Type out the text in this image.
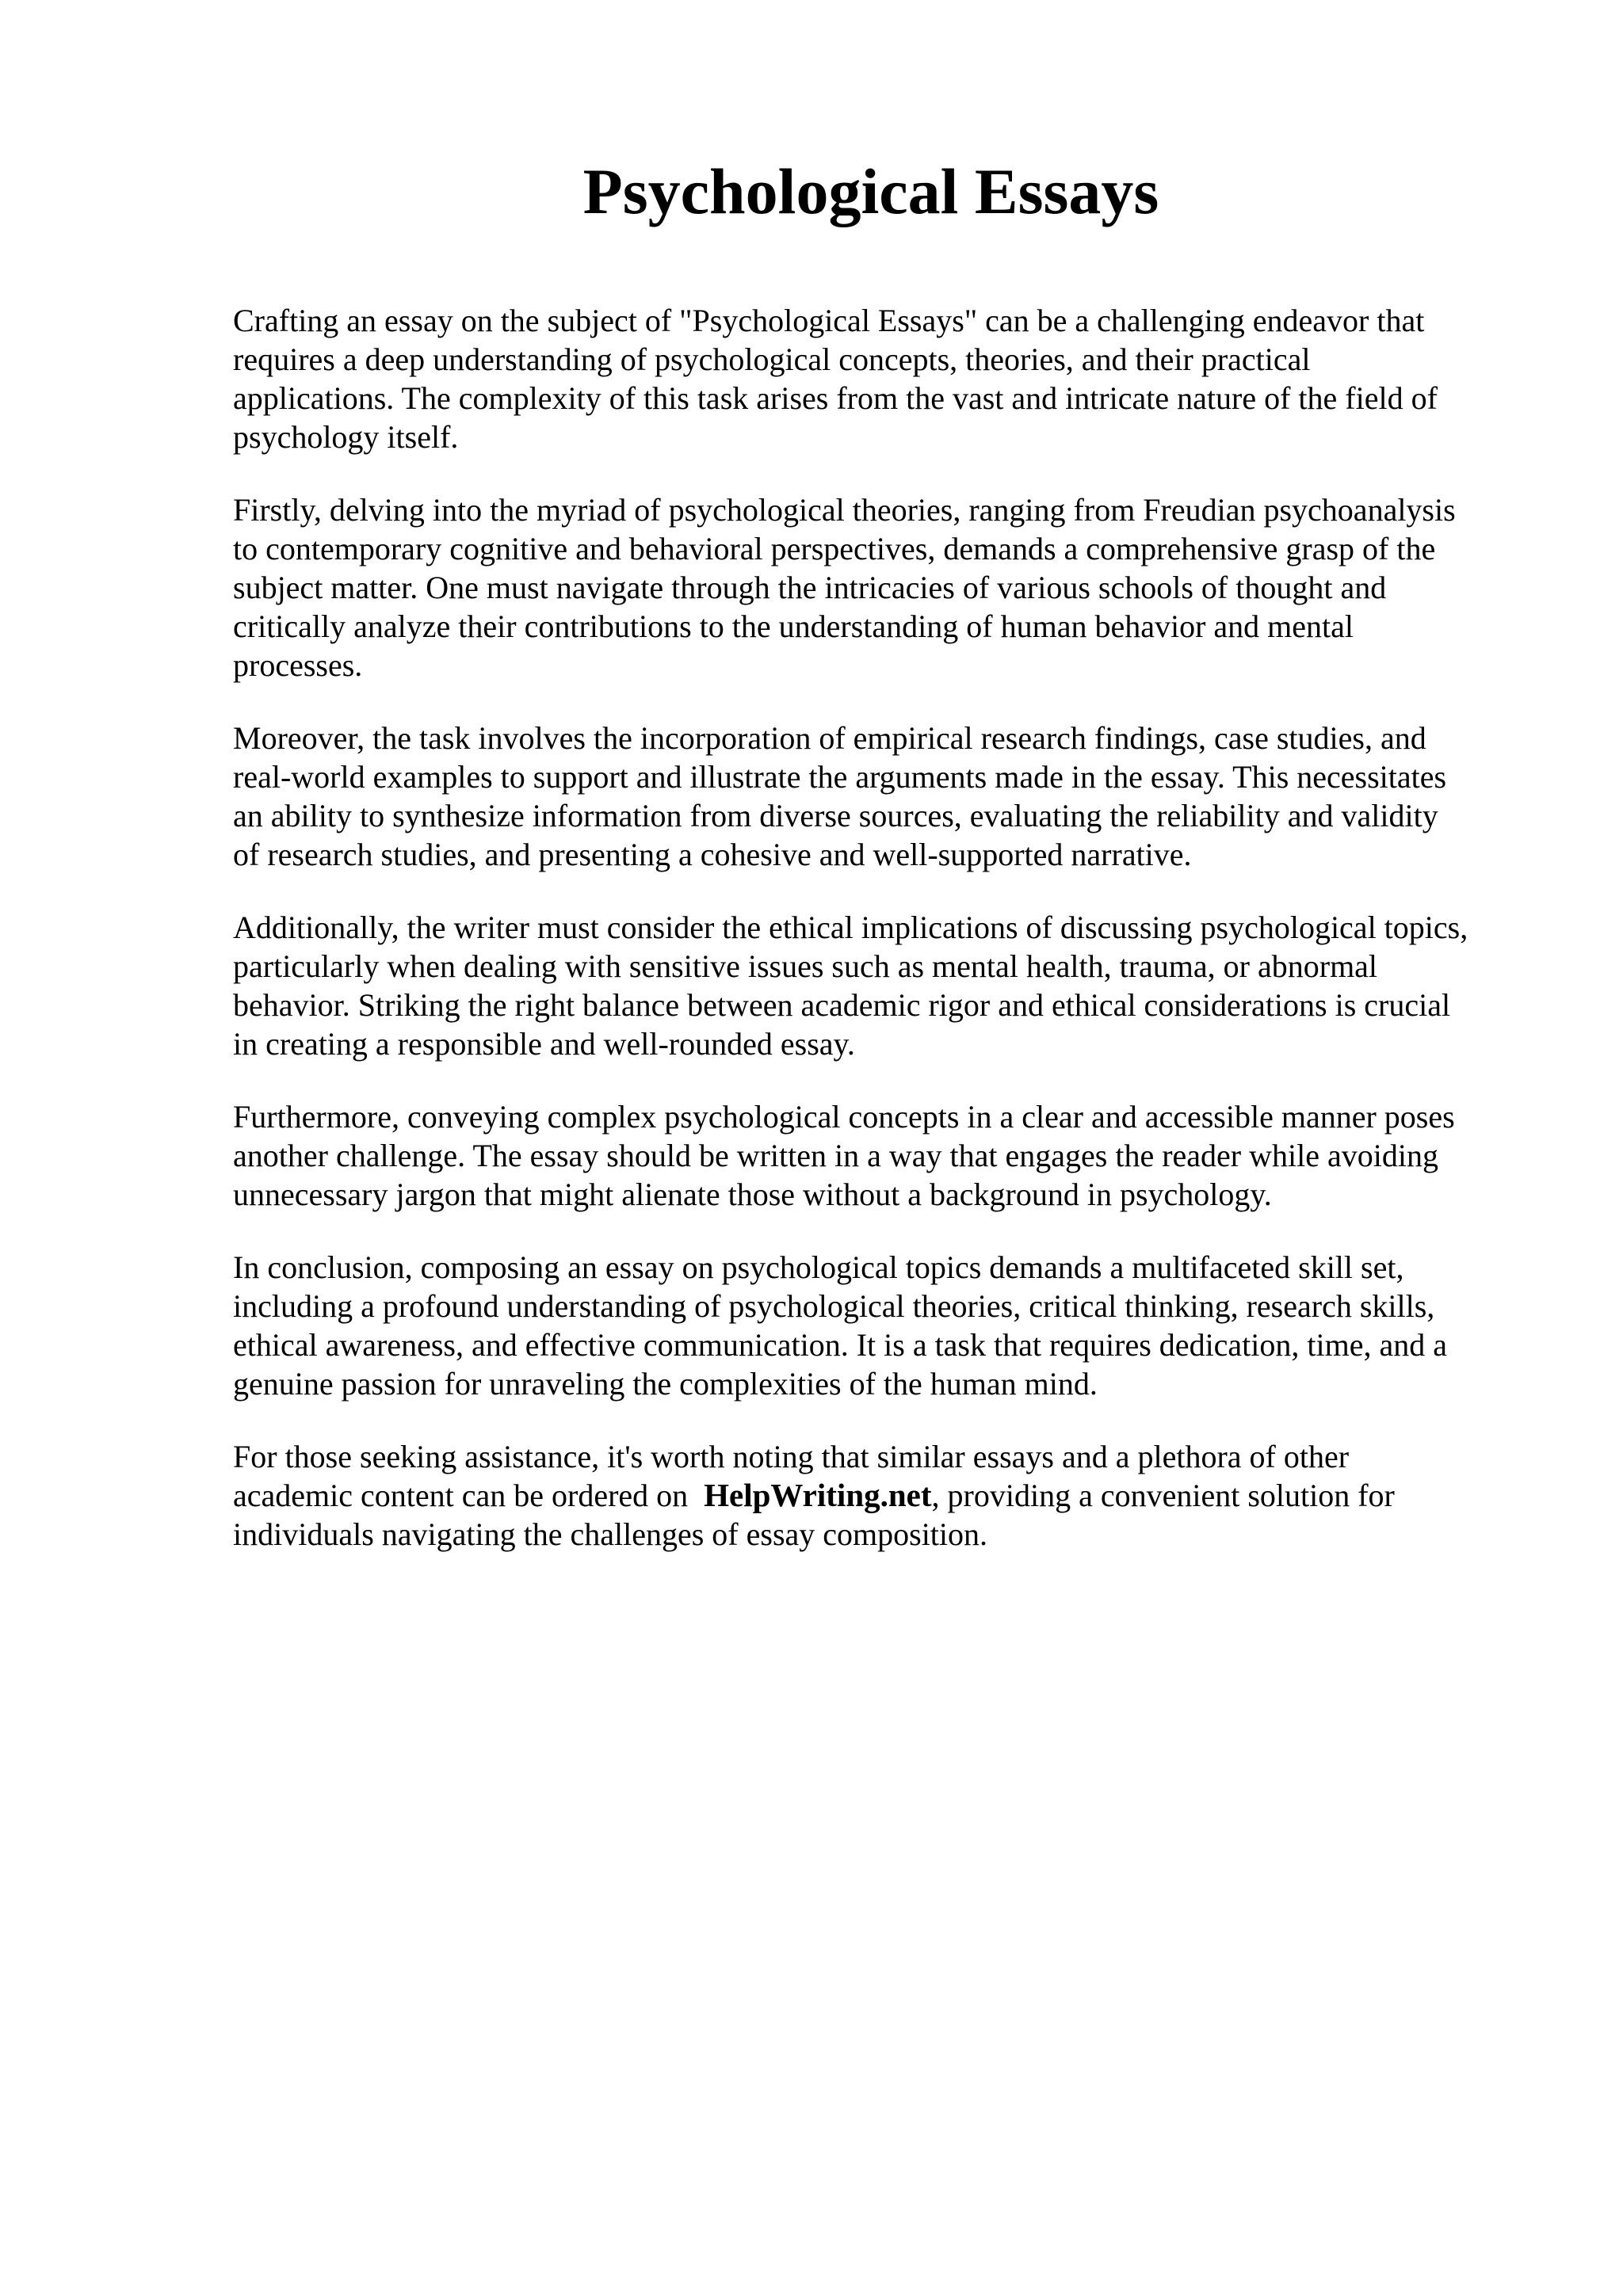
Psychological Essays
Crafting an essay on the subject of "Psychological Essays" can be a challenging endeavor that
requires a deep understanding of psychological concepts, theories, and their practical
applications. The complexity of this task arises from the vast and intricate nature of the field of
psychology itself.
Firstly, delving into the myriad of psychological theories, ranging from Freudian psychoanalysis
to contemporary cognitive and behavioral perspectives, demands a comprehensive grasp of the
subject matter. One must navigate through the intricacies of various schools of thought and
critically analyze their contributions to the understanding of human behavior and mental
processes.
Moreover, the task involves the incorporation of empirical research findings, case studies, and
real-world examples to support and illustrate the arguments made in the essay. This necessitates
an ability to synthesize information from diverse sources, evaluating the reliability and validity
of research studies, and presenting a cohesive and well-supported narrative.
Additionally, the writer must consider the ethical implications of discussing psychological topics,
particularly when dealing with sensitive issues such as mental health, trauma, or abnormal
behavior. Striking the right balance between academic rigor and ethical considerations is crucial
in creating a responsible and well-rounded essay.
Furthermore, conveying complex psychological concepts in a clear and accessible manner poses
another challenge. The essay should be written in a way that engages the reader while avoiding
unnecessary jargon that might alienate those without a background in psychology.
In conclusion, composing an essay on psychological topics demands a multifaceted skill set,
including a profound understanding of psychological theories, critical thinking, research skills,
ethical awareness, and effective communication. It is a task that requires dedication, time, and a
genuine passion for unraveling the complexities of the human mind.
For those seeking assistance, it's worth noting that similar essays and a plethora of other
academic content can be ordered on HelpWriting.net, providing a convenient solution for
individuals navigating the challenges of essay composition.
